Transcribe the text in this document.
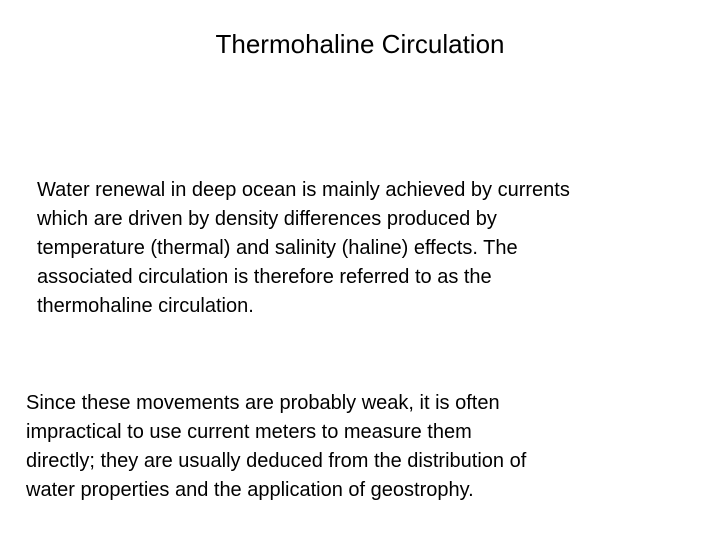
Thermohaline Circulation

Water renewal in deep ocean is mainly achieved by currents
which are driven by density differences produced by
temperature (thermal) and salinity (haline) effects. The
associated circulation is therefore referred to as the
thermohaline circulation.

Since these movements are probably weak, it is often
impractical to use current meters to measure them
directly; they are usually deduced from the distribution of
water properties and the application of geostrophy.
